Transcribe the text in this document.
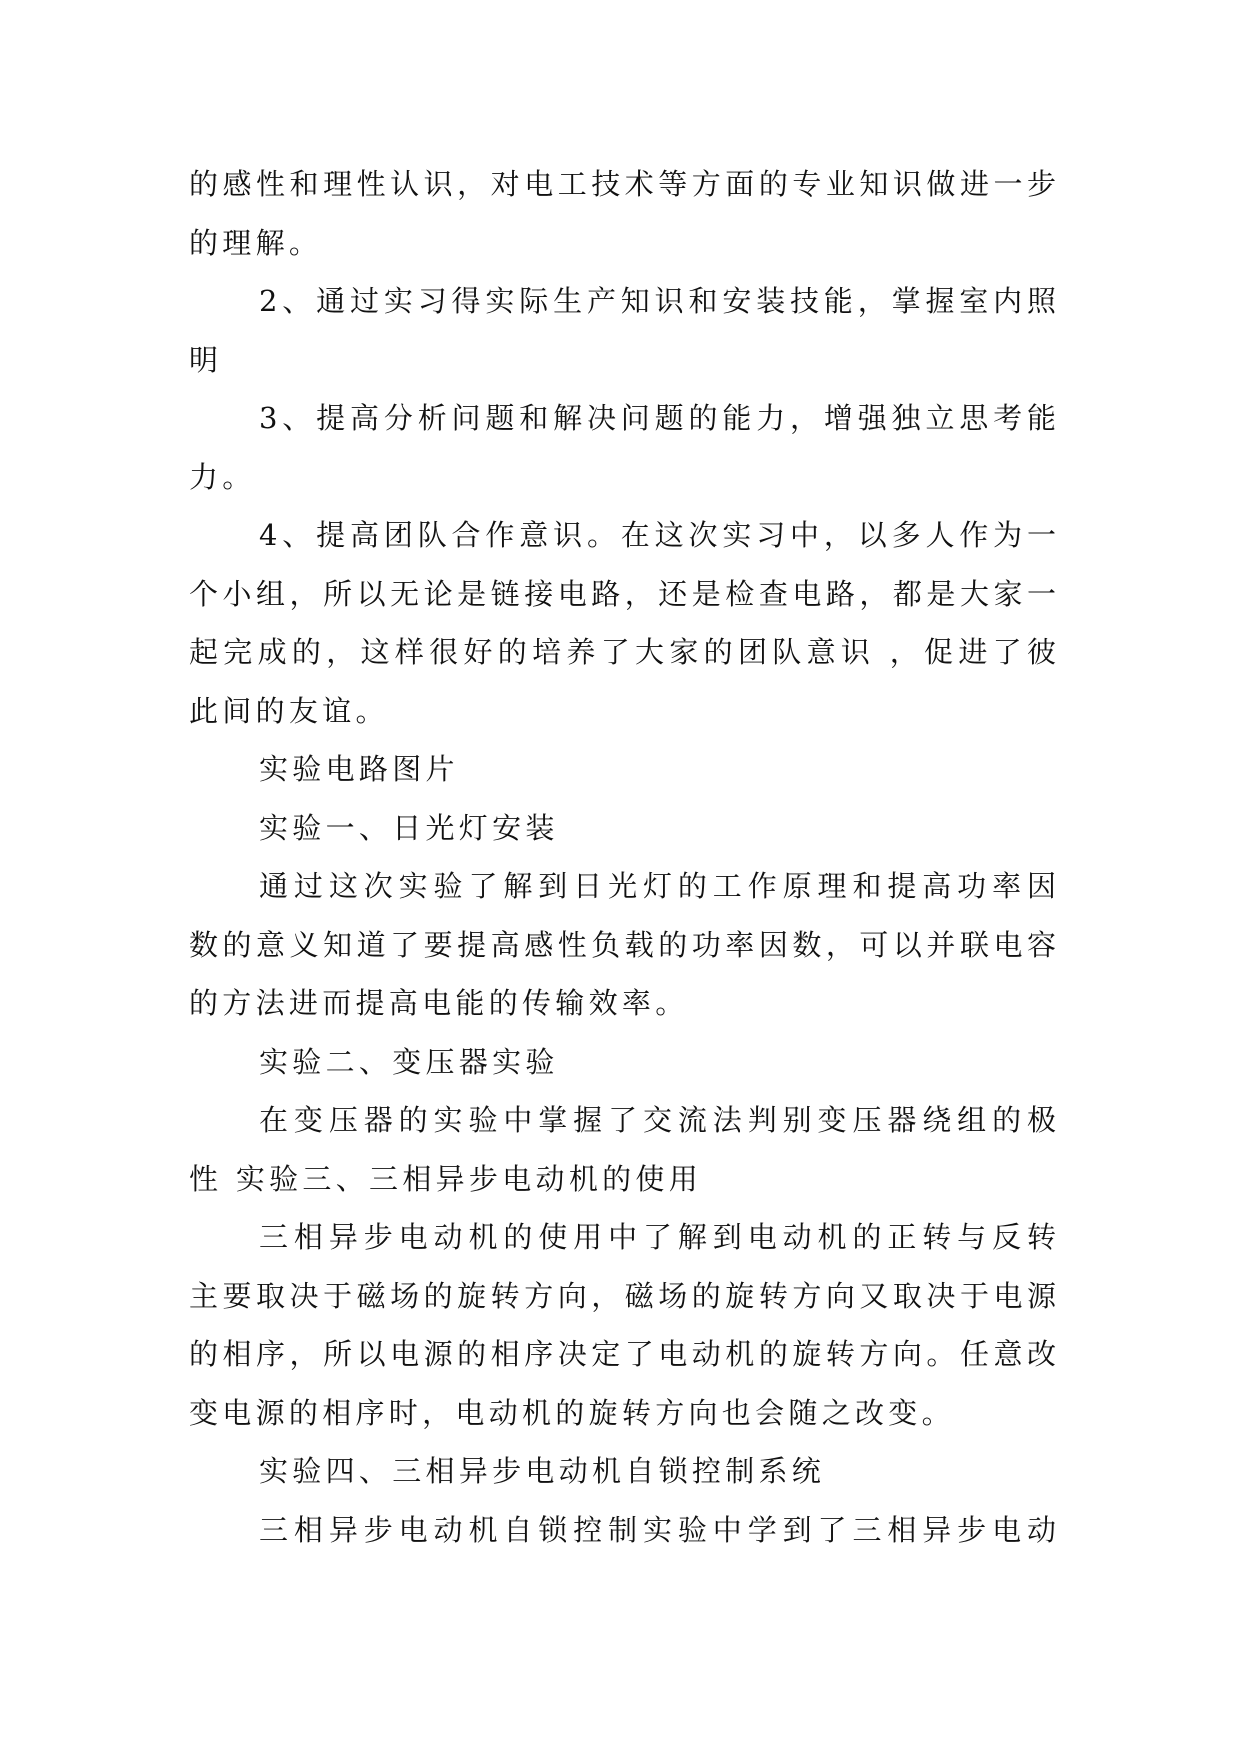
的感性和理性认识，对电工技术等方面的专业知识做进一步
的理解。
2、通过实习得实际生产知识和安装技能，掌握室内照
明
3、提高分析问题和解决问题的能力，增强独立思考能
力。
4、提高团队合作意识。在这次实习中，以多人作为一
个小组，所以无论是链接电路，还是检查电路，都是大家一
起完成的，这样很好的培养了大家的团队意识 ，促进了彼
此间的友谊。
实验电路图片
实验一、日光灯安装
通过这次实验了解到日光灯的工作原理和提高功率因
数的意义知道了要提高感性负载的功率因数，可以并联电容
的方法进而提高电能的传输效率。
实验二、变压器实验
在变压器的实验中掌握了交流法判别变压器绕组的极
性 实验三、三相异步电动机的使用
三相异步电动机的使用中了解到电动机的正转与反转
主要取决于磁场的旋转方向，磁场的旋转方向又取决于电源
的相序，所以电源的相序决定了电动机的旋转方向。任意改
变电源的相序时，电动机的旋转方向也会随之改变。
实验四、三相异步电动机自锁控制系统
三相异步电动机自锁控制实验中学到了三相异步电动
